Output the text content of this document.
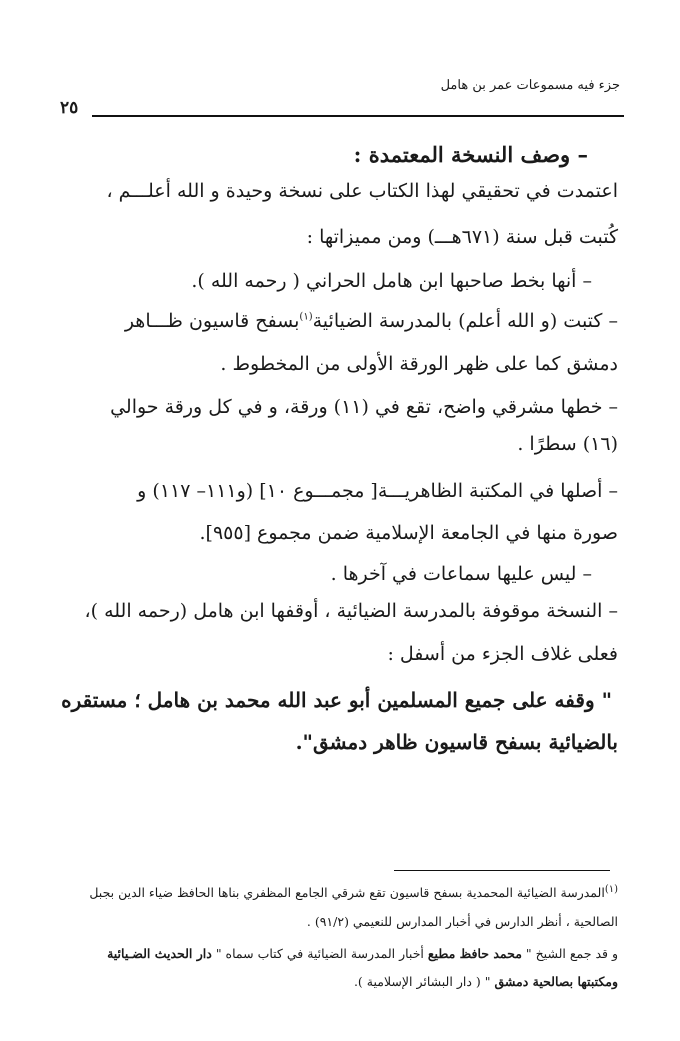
جزء فيه مسموعات عمر بن هامل
٢٥
– وصف النسخة المعتمدة :
اعتمدت في تحقيقي لهذا الكتاب على نسخة وحيدة و الله أعلـــم ،
كُتبت قبل سنة (٦٧١هـــ) ومن مميزاتها :
– أنها بخط صاحبها ابن هامل الحراني ( رحمه الله ).
– كتبت (و الله أعلم) بالمدرسة الضيائية$^{(١)}$بسفح قاسيون ظـــاهر
دمشق كما على ظهر الورقة الأولى من المخطوط .
– خطها مشرقي واضح، تقع في (١١) ورقة، و في كل ورقة حوالي
(١٦) سطرًا .
– أصلها في المكتبة الظاهريـــة[ مجمـــوع ١٠] (و١١١– ١١٧) و
صورة منها في الجامعة الإسلامية ضمن مجموع [٩٥٥].
– ليس عليها سماعات في آخرها .
– النسخة موقوفة بالمدرسة الضيائية ، أوقفها ابن هامل (رحمه الله )،
فعلى غلاف الجزء من أسفل :
" وقفه على جميع المسلمين أبو عبد الله محمد بن هامل ؛ مستقره
بالضيائية بسفح قاسيون ظاهر دمشق".
$^{(١)}$المدرسة الضيائية المحمدية بسفح قاسيون تقع شرقي الجامع المظفري بناها الحافظ ضياء الدين بجبل
الصالحية ، أنظر الدارس في أخبار المدارس للنعيمي (٩١/٢) .
و قد جمع الشيخ " محمد حافظ مطيع أخبار المدرسة الضيائية في كتاب سماه " دار الحديث الضـيائية
ومكتبتها بصالحية دمشق " ( دار البشائر الإسلامية ).
